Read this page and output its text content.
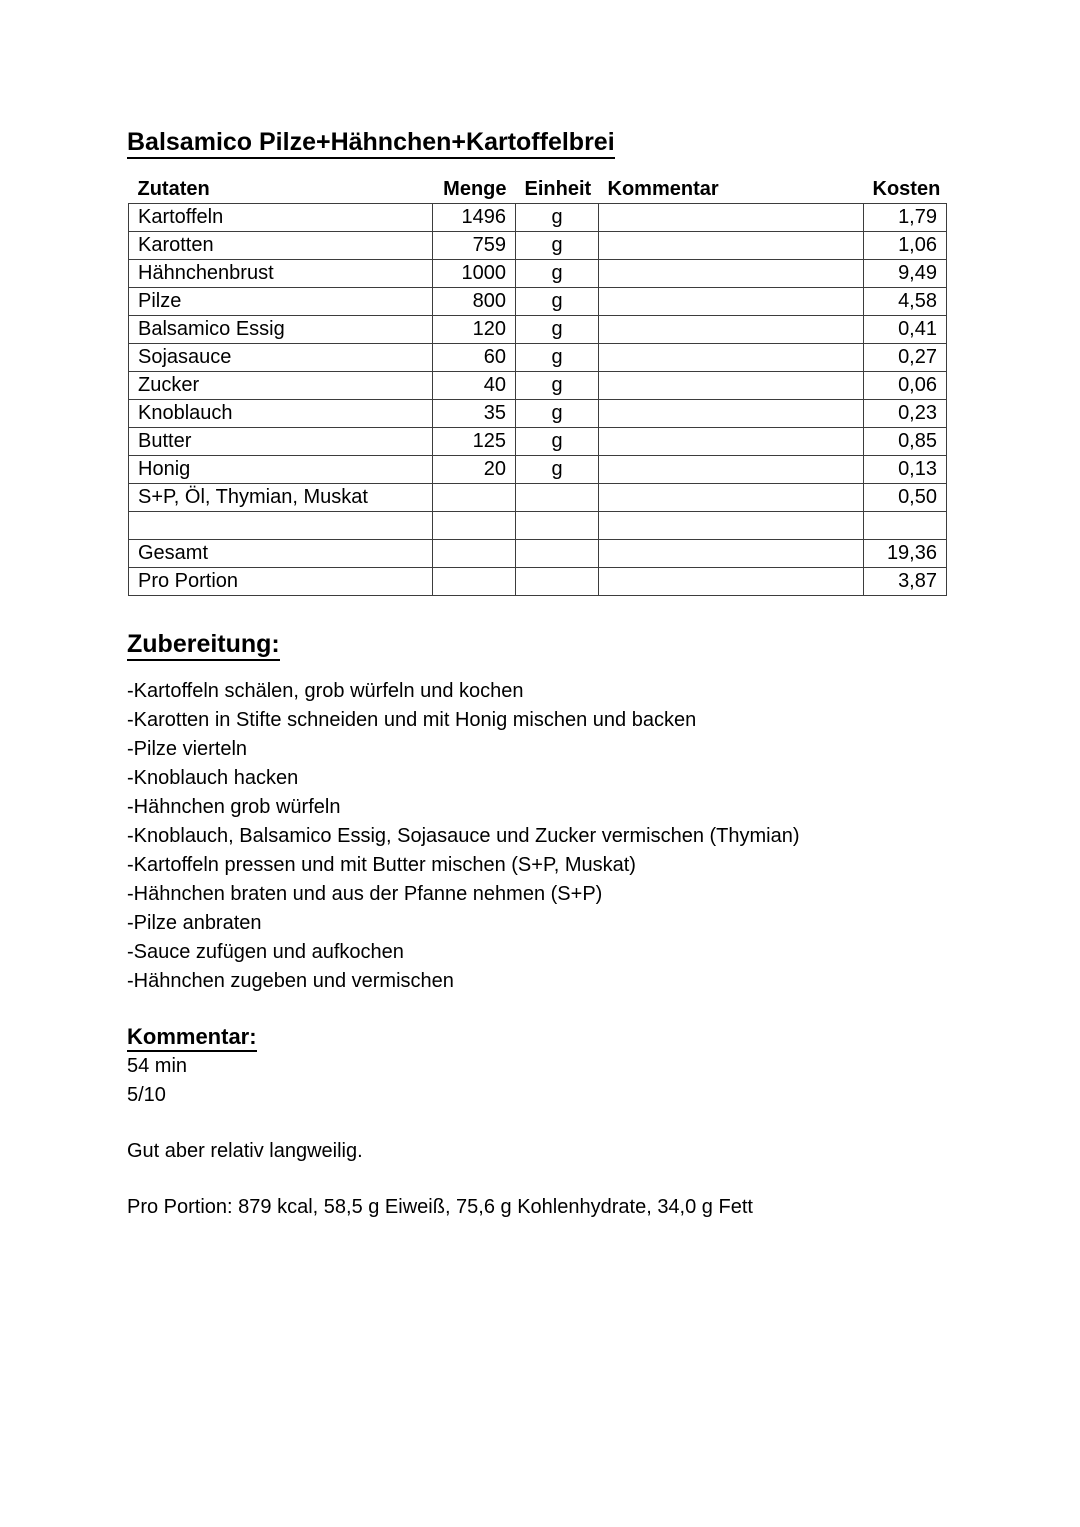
Balsamico Pilze+Hähnchen+Kartoffelbrei
Zutaten	Menge	Einheit	Kommentar	Kosten
Kartoffeln	1496	g		1,79
Karotten	759	g		1,06
Hähnchenbrust	1000	g		9,49
Pilze	800	g		4,58
Balsamico Essig	120	g		0,41
Sojasauce	60	g		0,27
Zucker	40	g		0,06
Knoblauch	35	g		0,23
Butter	125	g		0,85
Honig	20	g		0,13
S+P, Öl, Thymian, Muskat				0,50

Gesamt				19,36
Pro Portion				3,87
Zubereitung:
-Kartoffeln schälen, grob würfeln und kochen
-Karotten in Stifte schneiden und mit Honig mischen und backen
-Pilze vierteln
-Knoblauch hacken
-Hähnchen grob würfeln
-Knoblauch, Balsamico Essig, Sojasauce und Zucker vermischen (Thymian)
-Kartoffeln pressen und mit Butter mischen (S+P, Muskat)
-Hähnchen braten und aus der Pfanne nehmen (S+P)
-Pilze anbraten
-Sauce zufügen und aufkochen
-Hähnchen zugeben und vermischen
Kommentar:
54 min
5/10
Gut aber relativ langweilig.
Pro Portion: 879 kcal, 58,5 g Eiweiß, 75,6 g Kohlenhydrate, 34,0 g Fett
